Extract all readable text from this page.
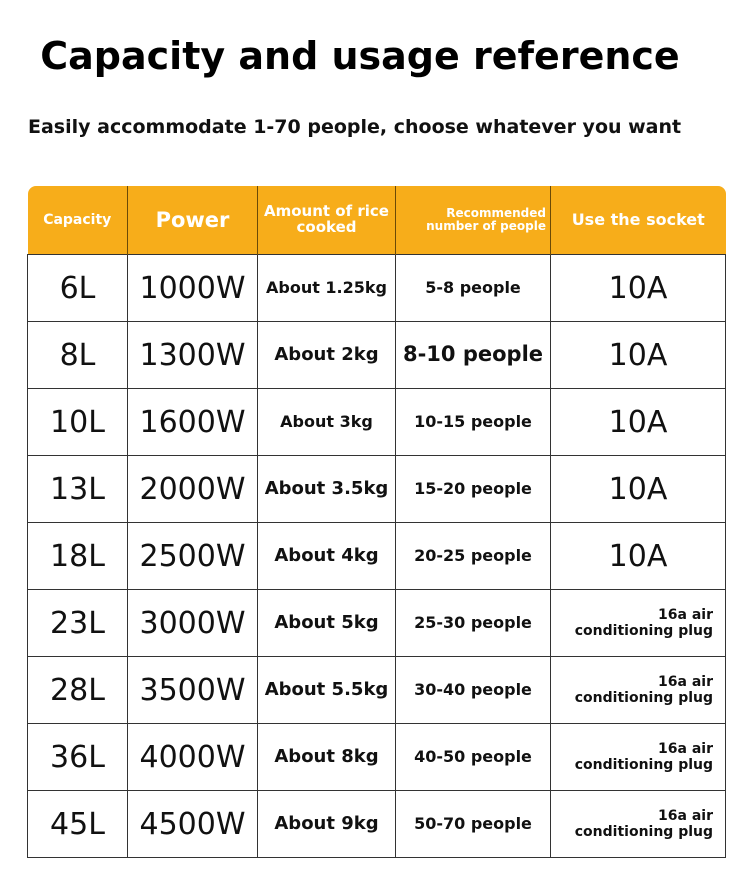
Capacity and usage reference
Easily accommodate 1-70 people, choose whatever you want
Capacity	Power	Amount of rice cooked	Recommended number of people	Use the socket
6L	1000W	About 1.25kg	5-8 people	10A
8L	1300W	About 2kg	8-10 people	10A
10L	1600W	About 3kg	10-15 people	10A
13L	2000W	About 3.5kg	15-20 people	10A
18L	2500W	About 4kg	20-25 people	10A
23L	3000W	About 5kg	25-30 people	16a air conditioning plug
28L	3500W	About 5.5kg	30-40 people	16a air conditioning plug
36L	4000W	About 8kg	40-50 people	16a air conditioning plug
45L	4500W	About 9kg	50-70 people	16a air conditioning plug
